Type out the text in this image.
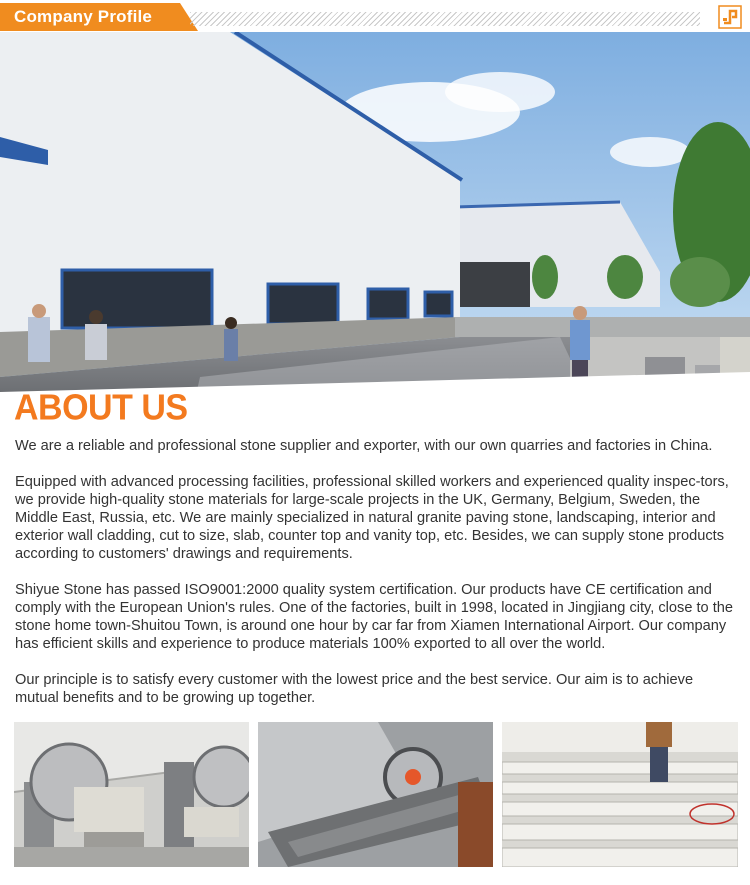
Company Profile
ABOUT US

We are a reliable and professional stone supplier and exporter, with our own quarries and factories in China.

Equipped with advanced processing facilities, professional skilled workers and experienced quality inspec-tors, we provide high-quality stone materials for large-scale projects in the UK, Germany, Belgium, Sweden, the Middle East, Russia, etc. We are mainly specialized in natural granite paving stone, landscaping, interior and exterior wall cladding, cut to size, slab, counter top and vanity top, etc. Besides, we can supply stone products according to customers' drawings and requirements.

Shiyue Stone has passed ISO9001:2000 quality system certification. Our products have CE certification and comply with the European Union's rules. One of the factories, built in 1998, located in Jingjiang city, close to the stone home town-Shuitou Town, is around one hour by car far from Xiamen International Airport. Our company has efficient skills and experience to produce materials 100% exported to all over the world.

Our principle is to satisfy every customer with the lowest price and the best service. Our aim is to achieve mutual benefits and to be growing up together.
